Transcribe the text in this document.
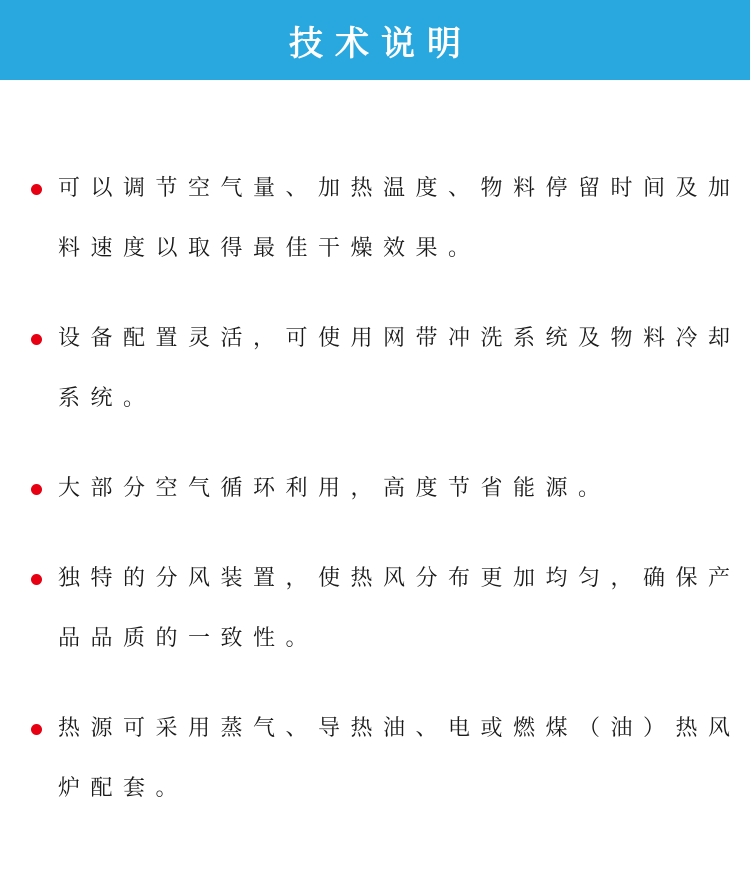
技术说明
可以调节空气量、加热温度、物料停留时间及加料速度以取得最佳干燥效果。
设备配置灵活，可使用网带冲洗系统及物料冷却系统。
大部分空气循环利用，高度节省能源。
独特的分风装置，使热风分布更加均匀，确保产品品质的一致性。
热源可采用蒸气、导热油、电或燃煤（油）热风炉配套。
